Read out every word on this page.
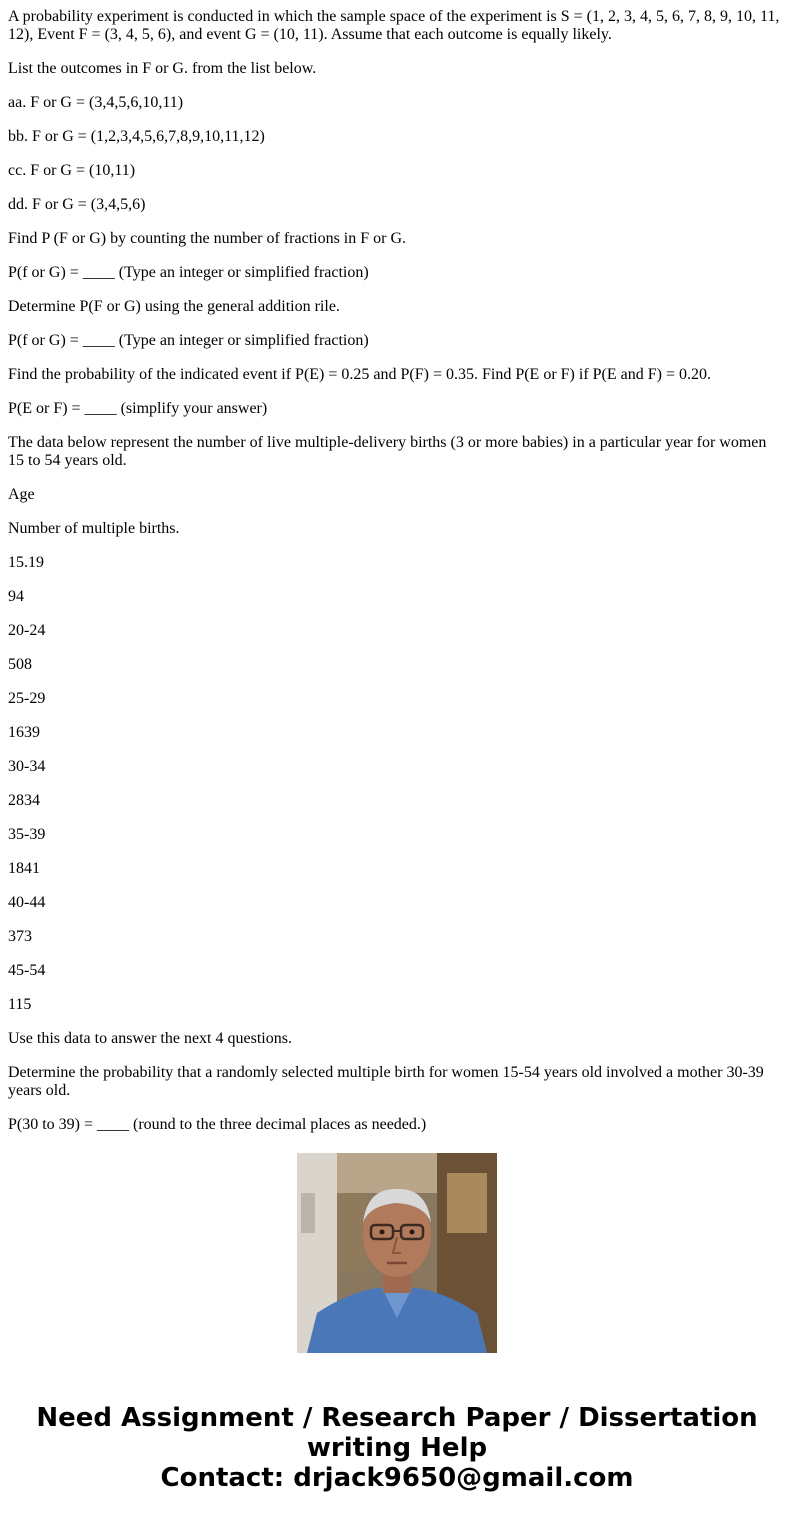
A probability experiment is conducted in which the sample space of the experiment is S = (1, 2, 3, 4, 5, 6, 7, 8, 9, 10, 11, 12), Event F = (3, 4, 5, 6), and event G = (10, 11). Assume that each outcome is equally likely.

List the outcomes in F or G. from the list below.

aa. F or G = (3,4,5,6,10,11)

bb. F or G = (1,2,3,4,5,6,7,8,9,10,11,12)

cc. F or G = (10,11)

dd. F or G = (3,4,5,6)

Find P (F or G) by counting the number of fractions in F or G.

P(f or G) = ____ (Type an integer or simplified fraction)

Determine P(F or G) using the general addition rile.

P(f or G) = ____ (Type an integer or simplified fraction)

Find the probability of the indicated event if P(E) = 0.25 and P(F) = 0.35. Find P(E or F) if P(E and F) = 0.20.

P(E or F) = ____ (simplify your answer)

The data below represent the number of live multiple-delivery births (3 or more babies) in a particular year for women 15 to 54 years old.

Age

Number of multiple births.

15.19

94

20-24

508

25-29

1639

30-34

2834

35-39

1841

40-44

373

45-54

115

Use this data to answer the next 4 questions.

Determine the probability that a randomly selected multiple birth for women 15-54 years old involved a mother 30-39 years old.

P(30 to 39) = ____ (round to the three decimal places as needed.)

Need Assignment / Research Paper / Dissertation
writing Help
Contact: drjack9650@gmail.com
